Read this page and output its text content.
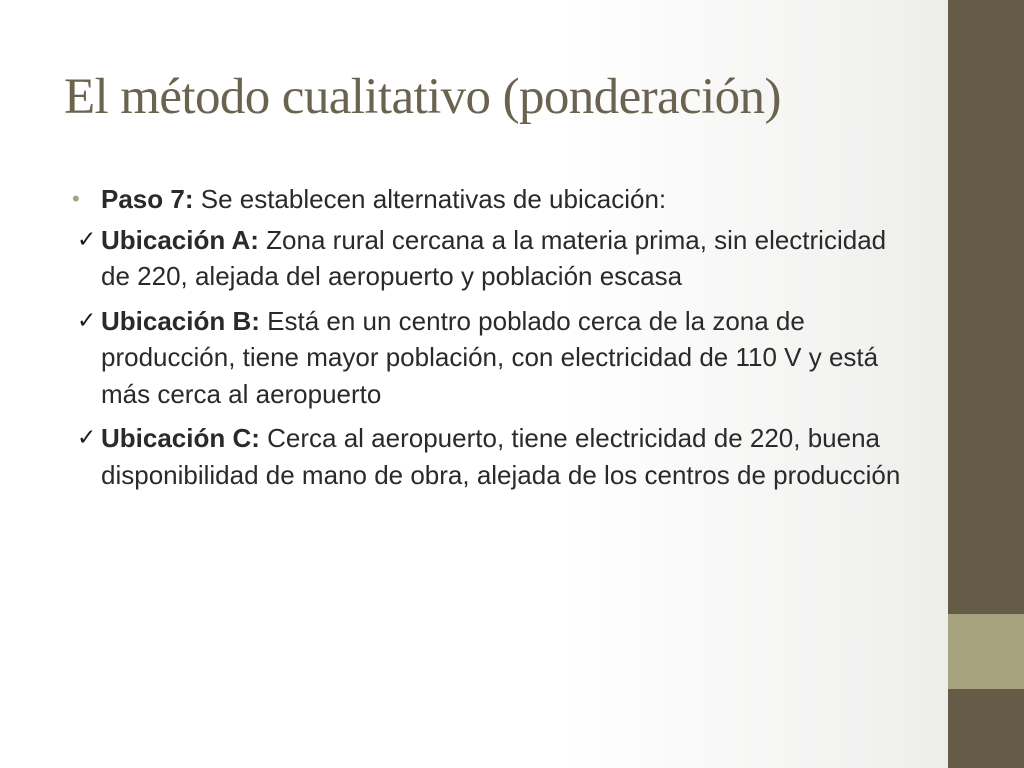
El método cualitativo (ponderación)
• Paso 7: Se establecen alternativas de ubicación:
✓ Ubicación A: Zona rural cercana a la materia prima, sin electricidad de 220, alejada del aeropuerto y población escasa
✓ Ubicación B: Está en un centro poblado cerca de la zona de producción, tiene mayor población, con electricidad de 110 V y está más cerca al aeropuerto
✓ Ubicación C: Cerca al aeropuerto, tiene electricidad de 220, buena disponibilidad de mano de obra, alejada de los centros de producción
